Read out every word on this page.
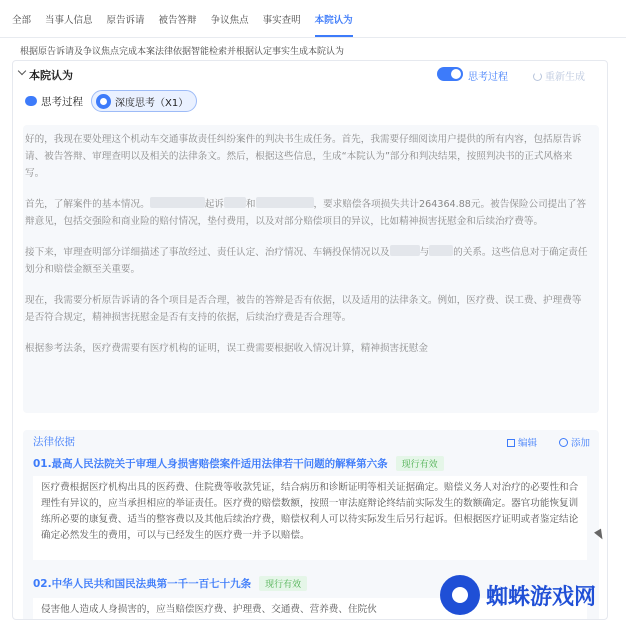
全部 当事人信息 原告诉请 被告答辩 争议焦点 事实查明 本院认为
根据原告诉请及争议焦点完成本案法律依据智能检索并根据认定事实生成本院认为
本院认为	思考过程	重新生成
思考过程	深度思考（X1）

好的，我现在要处理这个机动车交通事故责任纠纷案件的判决书生成任务。首先，我需要仔细阅读用户提供的所有内容，包括原告诉请、被告答辩、审理查明以及相关的法律条文。然后，根据这些信息，生成“本院认为”部分和判决结果，按照判决书的正式风格来写。

首先，了解案件的基本情况。	起诉 和	，要求赔偿各项损失共计264364.88元。被告保险公司提出了答辩意见，包括交强险和商业险的赔付情况，垫付费用，以及对部分赔偿项目的异议，比如精神损害抚慰金和后续治疗费等。

接下来，审理查明部分详细描述了事故经过、责任认定、治疗情况、车辆投保情况以及	与	的关系。这些信息对于确定责任划分和赔偿金额至关重要。

现在，我需要分析原告诉请的各个项目是否合理，被告的答辩是否有依据，以及适用的法律条文。例如，医疗费、误工费、护理费等是否符合规定，精神损害抚慰金是否有支持的依据，后续治疗费是否合理等。

根据参考法条，医疗费需要有医疗机构的证明，误工费需要根据收入情况计算，精神损害抚慰金

法律依据	编辑	添加
01.最高人民法院关于审理人身损害赔偿案件适用法律若干问题的解释第六条 现行有效
医疗费根据医疗机构出具的医药费、住院费等收款凭证，结合病历和诊断证明等相关证据确定。赔偿义务人对治疗的必要性和合理性有异议的，应当承担相应的举证责任。医疗费的赔偿数额，按照一审法庭辩论终结前实际发生的数额确定。器官功能恢复训练所必要的康复费、适当的整容费以及其他后续治疗费，赔偿权利人可以待实际发生后另行起诉。但根据医疗证明或者鉴定结论确定必然发生的费用，可以与已经发生的医疗费一并予以赔偿。
02.中华人民共和国民法典第一千一百七十九条 现行有效
侵害他人造成人身损害的，应当赔偿医疗费、护理费、交通费、营养费、住院伙	蜘蛛游戏网
